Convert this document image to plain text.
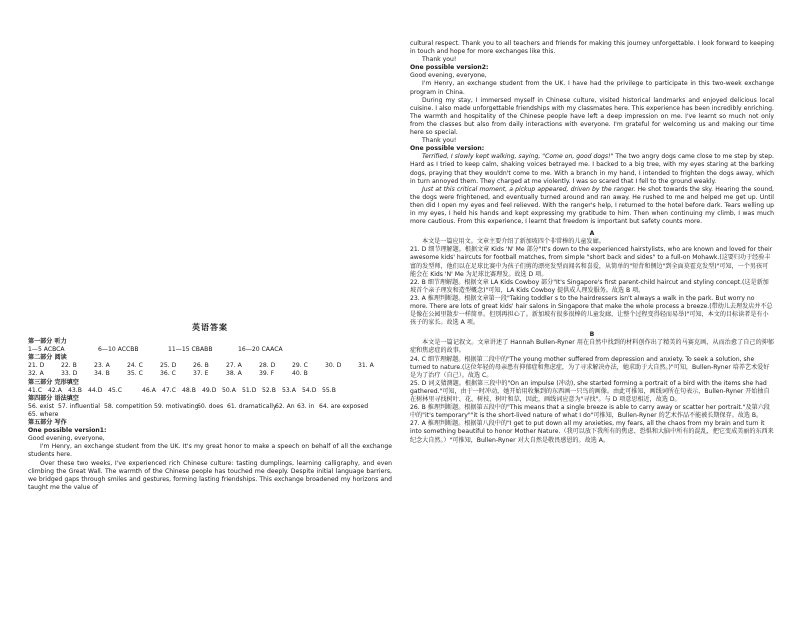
cultural respect. Thank you to all teachers and friends for making this journey unforgettable. I look forward to keeping in touch and hope for more exchanges like this.

Thank you!

One possible version2:

Good evening, everyone,

I'm Henry, an exchange student from the UK. I have had the privilege to participate in this two-week exchange program in China.

During my stay, I immersed myself in Chinese culture, visited historical landmarks and enjoyed delicious local cuisine. I also made unforgettable friendships with my classmates here. This experience has been incredibly enriching. The warmth and hospitality of the Chinese people have left a deep impression on me. I've learnt so much not only from the classes but also from daily interactions with everyone. I'm grateful for welcoming us and making our time here so special.

Thank you!

One possible version:

Terrified, I slowly kept walking, saying, "Come on, good dogs!" The two angry dogs came close to me step by step. Hard as I tried to keep calm, shaking voices betrayed me. I backed to a big tree, with my eyes staring at the barking dogs, praying that they wouldn't come to me. With a branch in my hand, I intended to frighten the dogs away, which in turn annoyed them. They charged at me violently. I was so scared that I fell to the ground weakly.

Just at this critical moment, a pickup appeared, driven by the ranger. He shot towards the sky. Hearing the sound, the dogs were frightened, and eventually turned around and ran away. He rushed to me and helped me get up. Until then did I open my eyes and feel relieved. With the ranger's help, I returned to the hotel before dark. Tears welling up in my eyes, I held his hands and kept expressing my gratitude to him. Then when continuing my climb, I was much more cautious. From this experience, I learnt that freedom is important but safety counts more.

A

本文是一篇应用文。文章主要介绍了新加坡四个非常棒的儿童发廊。

21. D 细节理解题。根据文章 Kids 'N' Me 部分"It's down to the experienced hairstylists, who are known and loved for their awesome kids' haircuts for football matches, from simple "short back and sides" to a full-on Mohawk.(这要归功于经验丰富的发型师，他们以在足球比赛中为孩子们剪的漂亮发型而闻名和喜爱，从简单的"短背和侧边"到全面莫霍克发型)"可知，一个男孩可能会在 Kids 'N' Me 为足球比赛理发。故选 D 项。

22. B 细节理解题。根据文章 LA Kids Cowboy 部分"It's Singapore's first parent-child haircut and styling concept.(这是新加坡首个亲子理发和造型概念)"可知，LA Kids Cowboy 提供成人理发服务。故选 B 项。

23. A 推理判断题。根据文章第一段"Taking toddler s to the hairdressers isn't always a walk in the park. But worry no more. There are lots of great kids' hair salons in Singapore that make the whole process a breeze.(带幼儿去理发店并不总是像在公园里散步一样简单。但别再担心了。新加坡有很多很棒的儿童发廊，让整个过程变得轻而易举)"可知，本文的目标读者是有小孩子的家长。故选 A 项。

B

本文是一篇记叙文。文章讲述了 Hannah Bullen-Ryner 用在自然中找到的材料创作出了精美的马赛克画，从而治愈了自己的抑郁症和焦虑症的故事。

24. C 细节理解题。根据第二段中的"The young mother suffered from depression and anxiety. To seek a solution, she turned to nature.(这位年轻的母亲患有抑郁症和焦虑症，为了寻求解决办法，她求助于大自然。)"可知，Bullen-Ryner 培养艺术爱好是为了治疗（自己）。故选 C。

25. D 词义猜测题。根据第三段中的"On an impulse (冲动), she started forming a portrait of a bird with the items she had gathered."可知，由于一时冲动，她开始用收集到的东西画一只鸟的画像。由此可推知，画线词所在句表示，Bullen-Ryner 开始抽自在树林里寻找树叶、花、树枝、树叶和草，因此，画线词应意为"寻找"。与 D 项意思相近，故选 D。

26. B 推理判断题。根据第五段中的"This means that a single breeze is able to carry away or scatter her portrait."及第六段中的"it's temporary""it is the short-lived nature of what I do"可推知，Bullen-Ryner 的艺术作品不能被长期保存。故选 B。

27. A 推理判断题。根据第八段中的"I get to put down all my anxieties, my fears, all the chaos from my brain and turn it into something beautiful to honor Mother Nature.（我可以放下我所有的焦虑、恐惧和大脑中所有的混乱，把它变成美丽的东西来纪念大自然。）"可推知，Bullen-Ryner 对大自然是敬畏感恩的。故选 A。

英语答案

第一部分 听力

1—5 ACBCA	6—10 ACCBB	11—15 CBABB	16—20 CAACA

第二部分 阅读

21. D	22. B	23. A	24. C	25. D	26. B	27. A	28. D	29. C	30. D	31. A
32. A	33. D	34. B	35. C	36. C	37. E	38. A	39. F	40. B

第三部分 完形填空

41.C 42.A	43.B	44.D 45.C	46.A	47.C 48.B	49.D 50.A	51.D 52.B	53.A	54.D 55.B

第四部分 语法填空

56. exist 57. influential 58. competition 59. motivating
60. does 61. dramatically
62. An 63. in 64. are exposed

65. where

第五部分 写作

One possible version1:

Good evening, everyone,

I'm Henry, an exchange student from the UK. It's my great honor to make a speech on behalf of all the exchange students here.

Over these two weeks, I've experienced rich Chinese culture: tasting dumplings, learning calligraphy, and even climbing the Great Wall. The warmth of the Chinese people has touched me deeply. Despite initial language barriers, we bridged gaps through smiles and gestures, forming lasting friendships. This exchange broadened my horizons and taught me the value of
